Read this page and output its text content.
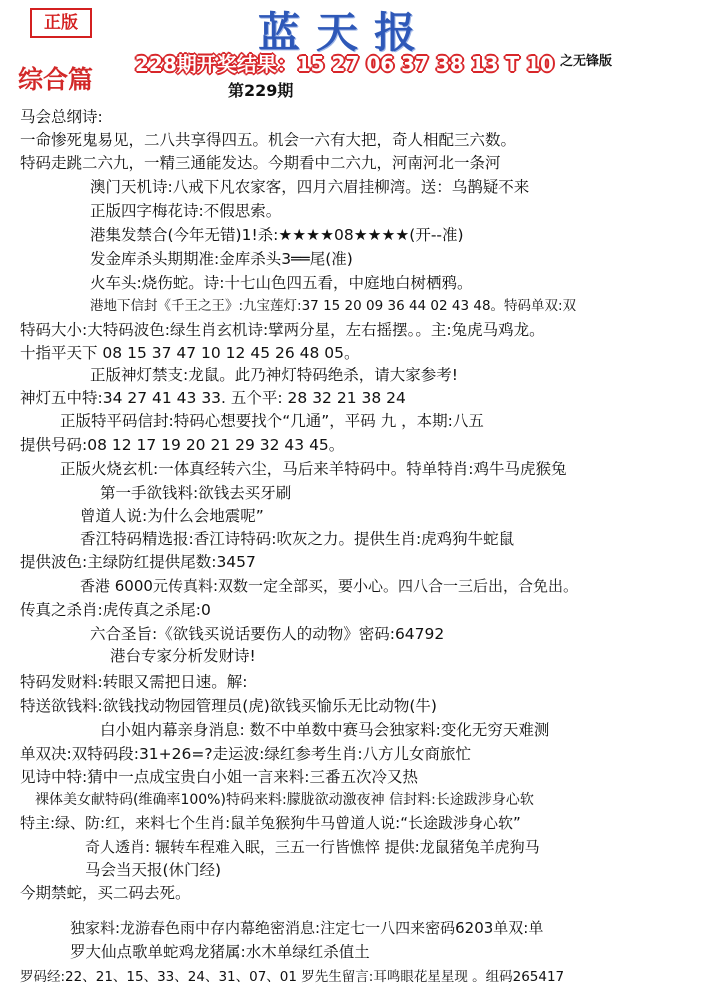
正版	蓝天报
综合篇
228期开奖结果：15 27 06 37 38 13 T 10 之无锋版
第229期
马会总纲诗:
一命惨死鬼易见，二八共享得四五。机会一六有大把，奇人相配三六数。
特码走跳二六九，一精三通能发达。今期看中二六九，河南河北一条河
澳门天机诗:八戒下凡农家客，四月六眉挂柳湾。送：乌鹊疑不来
正版四字梅花诗:不假思索。
港集发禁合(今年无错)1!杀:★★★★08★★★★(开--准)
发金库杀头期期准:金库杀头3══尾(准)
火车头:烧伤蛇。诗:十七山色四五看，中庭地白树栖鸦。
港地下信封《千王之王》:九宝莲灯:37 15 20 09 36 44 02 43 48。特码单双:双
特码大小:大特码波色:绿生肖玄机诗:擘两分星，左右摇摆。。主:兔虎马鸡龙。
十指平天下 08 15 37 47 10 12 45 26 48 05。
正版神灯禁支:龙鼠。此乃神灯特码绝杀，请大家参考!
神灯五中特:34 27 41 43 33. 五个平: 28 32 21 38 24
正版特平码信封:特码心想要找个“几通”，平码 九 ，本期:八五
提供号码:08 12 17 19 20 21 29 32 43 45。
正版火烧玄机:一体真经转六尘，马后来羊特码中。特单特肖:鸡牛马虎猴兔
第一手欲钱料:欲钱去买牙刷
曾道人说:为什么会地震呢”
香江特码精选报:香江诗特码:吹灰之力。提供生肖:虎鸡狗牛蛇鼠
提供波色:主绿防红提供尾数:3457
香港 6000元传真料:双数一定全部买，要小心。四八合一三后出，合免出。
传真之杀肖:虎传真之杀尾:0
六合圣旨:《欲钱买说话要伤人的动物》密码:64792
港台专家分析发财诗!
特码发财料:转眼又需把日速。解:
特送欲钱料:欲钱找动物园管理员(虎)欲钱买愉乐无比动物(牛)
白小姐内幕亲身消息: 数不中单数中赛马会独家料:变化无穷天难测
单双决:双特码段:31+26=?走运波:绿红参考生肖:八方儿女商旅忙
见诗中特:猜中一点成宝贵白小姐一言来料:三番五次冷又热
裸体美女献特码(维确率100%)特码来料:朦胧欲动激夜神 信封料:长途跋涉身心软
特主:绿、防:红，来料七个生肖:鼠羊兔猴狗牛马曾道人说:“长途跋涉身心软”
奇人透肖: 辗转车程难入眠，三五一行皆憔悴 提供:龙鼠猪兔羊虎狗马
马会当天报(休门经)
今期禁蛇，买二码去死。
独家料:龙游春色雨中存内幕绝密消息:注定七一八四来密码6203单双:单
罗大仙点歌单蛇鸡龙猪属:水木单绿红杀值土
罗码经:22、21、15、33、24、31、07、01 罗先生留言:耳鸣眼花星星现 。组码265417
